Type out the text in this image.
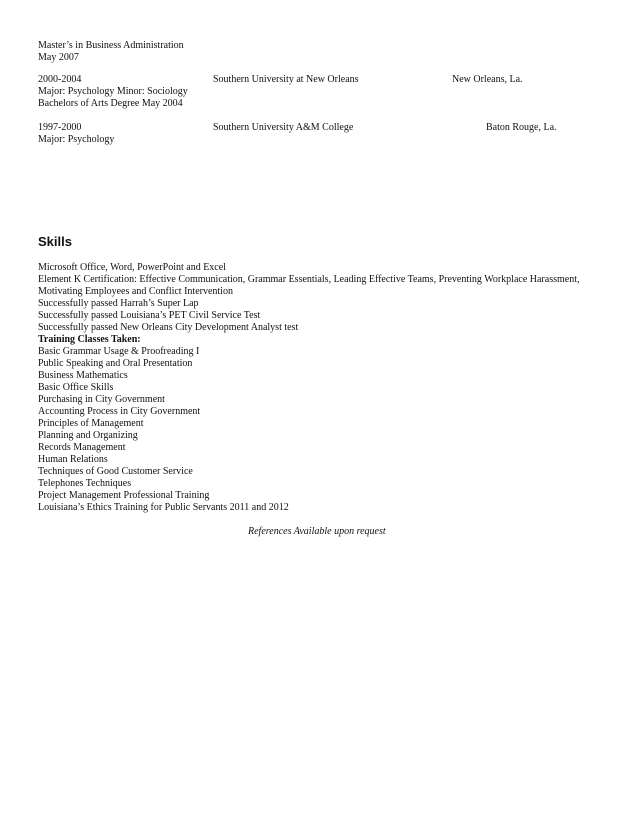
Master’s in Business Administration
May 2007
2000-2004	Southern University at New Orleans	New Orleans, La.
Major: Psychology Minor: Sociology
Bachelors of Arts Degree May 2004
1997-2000	Southern University A&M College	Baton Rouge, La.
Major: Psychology
Skills
Microsoft Office, Word, PowerPoint and Excel
Element K Certification: Effective Communication, Grammar Essentials, Leading Effective Teams, Preventing Workplace Harassment,
Motivating Employees and Conflict Intervention
Successfully passed Harrah’s Super Lap
Successfully passed Louisiana’s PET Civil Service Test
Successfully passed New Orleans City Development Analyst test
Training Classes Taken:
Basic Grammar Usage & Proofreading I
Public Speaking and Oral Presentation
Business Mathematics
Basic Office Skills
Purchasing in City Government
Accounting Process in City Government
Principles of Management
Planning and Organizing
Records Management
Human Relations
Techniques of Good Customer Service
Telephones Techniques
Project Management Professional Training
Louisiana’s Ethics Training for Public Servants 2011 and 2012
References Available upon request
